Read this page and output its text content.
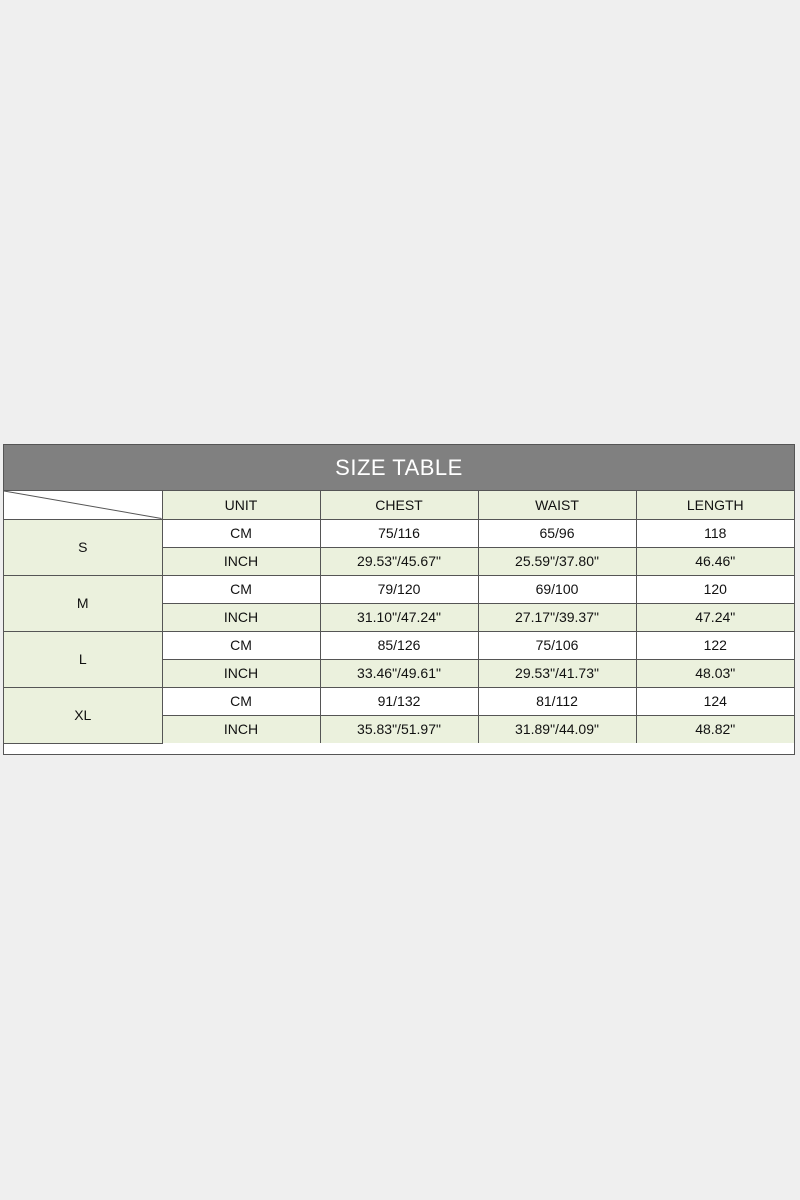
SIZE TABLE
	UNIT	CHEST	WAIST	LENGTH
S	CM	75/116	65/96	118
	INCH	29.53"/45.67"	25.59"/37.80"	46.46"
M	CM	79/120	69/100	120
	INCH	31.10"/47.24"	27.17"/39.37"	47.24"
L	CM	85/126	75/106	122
	INCH	33.46"/49.61"	29.53"/41.73"	48.03"
XL	CM	91/132	81/112	124
	INCH	35.83"/51.97"	31.89"/44.09"	48.82"
